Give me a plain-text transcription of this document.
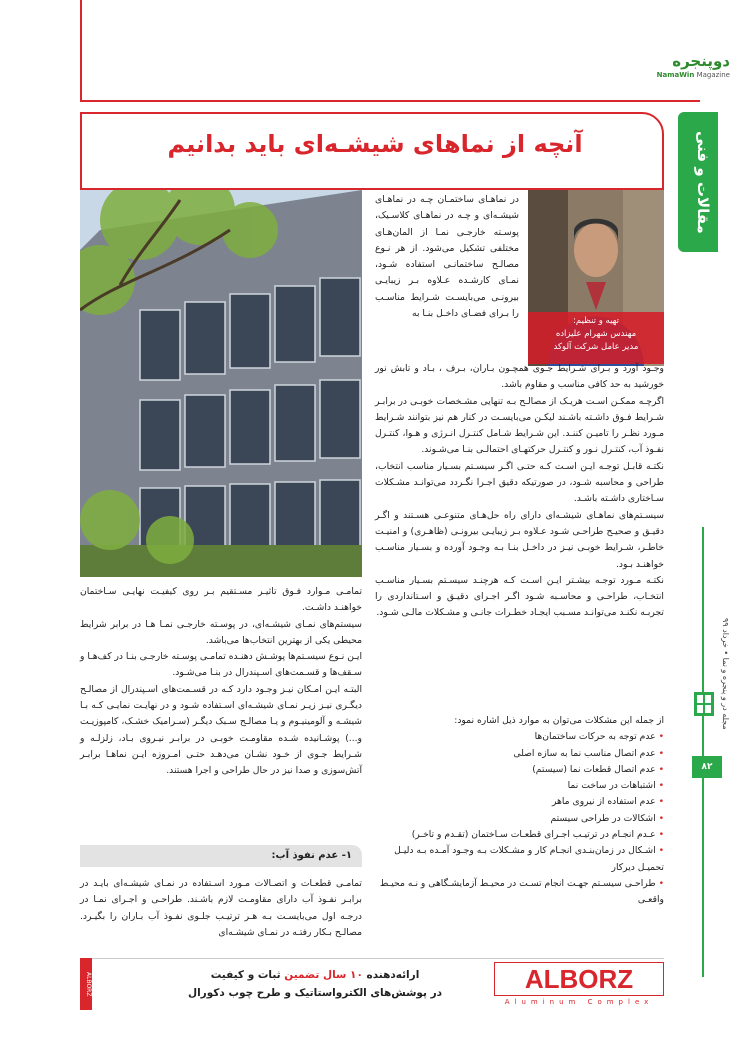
دوپنجره
NamaWin Magazine
آنچه از نماهای شیشـه‌ای باید بدانیم	مقالات و فنی
تهیه و تنظیم:
مهندس شهرام علیزاده
مدیر عامل شرکت آلوکد
در نماهـای ساختمـان چـه در نماهـای شیشـه‌ای و چـه در نماهـای کلاسـیک، پوسـته خارجـی نمـا از المان‌هـای مختلفی تشکیل می‌شود. از هر نـوع مصالـح ساختمانـی استفاده شـود، نمـای کارشـده عـلاوه بـر زیبایـی بیرونـی می‌بایسـت شـرایط مناسـب را بـرای فضـای داخـل بنـا به
وجـود آورد و بـرای شـرایط جـوی همچـون بـاران، بـرف ، بـاد و تابش نور خورشید به حد کافی مناسب و مقاوم باشد.
اگرچـه ممکـن اسـت هریـک از مصالـح بـه تنهایی مشـخصات خوبـی در برابـر شـرایط فـوق داشـته باشـند لیکـن می‌بایسـت در کنار هم نیز بتوانند شـرایط مـورد نظـر را تامیـن کننـد. این شـرایط شـامل کنتـرل انـرژی و هـوا، کنتـرل نفـوذ آب، کنتـرل نـور و کنتـرل حرکتهـای احتمالـی بنـا می‌شـوند.
نکتـه قابـل توجـه ایـن اسـت کـه حتـی اگـر سیسـتم بسـیار مناسب انتخاب، طراحی و محاسبه شـود، در صورتیکه دقیق اجـرا نگـردد می‌توانـد مشـکلات سـاختاری داشـته باشـد.
سیسـتم‌های نماهـای شیشـه‌ای دارای راه حل‌هـای متنوعـی هسـتند و اگـر دقیـق و صحیـح طراحـی شـود عـلاوه بـر زیبایـی بیرونـی (ظاهـری) و امنیـت خاطـر، شـرایط خوبـی نیـز در داخـل بنـا بـه وجـود آورده و بسـیار مناسـب خواهنـد بـود.
نکتـه مـورد توجـه بیشـتر ایـن اسـت کـه هرچنـد سیسـتم بسـیار مناسـب انتخـاب، طراحـی و محاسـبه شـود اگـر اجـرای دقیـق و اسـتاندارد‌ی را تجربـه نکنـد می‌توانـد مسـبب ایجـاد خطـرات جانـی و مشـکلات مالـی شـود.
از جمله این مشکلات می‌توان به موارد ذیل اشاره نمود:
• عدم توجه به حرکات ساختمان‌ها
• عدم اتصال مناسب نما به سازه اصلی
• عدم اتصال قطعات نما (سیستم)
• اشتباهات در ساخت نما
• عدم استفاده از نیروی ماهر
• اشکالات در طراحی سیستم
• عـدم انجـام در ترتیـب اجـرای قطعـات سـاختمان (تقـدم و تاخـر)
• اشـکال در زمان‌بنـدی انجـام کار و مشـکلات بـه وجـود آمـده بـه دلیـل تحمیـل دیرکار
• طراحـی سیسـتم جهـت انجام تسـت در محیـط آزمایشـگاهی و نـه محیـط واقعـی
تمامـی مـوارد فـوق تاثیـر مسـتقیم بـر روی کیفیـت نهایـی سـاختمان خواهنـد داشـت.
سیستم‌های نمـای شیشـه‌ای، در پوسـته خارجـی نمـا هـا در برابر شرایط محیطی یکی از بهترین انتخاب‌ها می‌باشد.
ایـن نـوع سیسـتم‌ها پوشـش دهنـده تمامـی پوسـته خارجـی بنـا در کف‌هـا و سـقف‌ها و قسـمت‌های اسـپندرال در بنـا می‌شـود.
البتـه ایـن امـکان نیـز وجـود دارد کـه در قسـمت‌های اسـپندرال از مصالـح دیگـری نیـز زیـر نمـای شیشـه‌ای اسـتفاده شـود و در نهایـت نمایـی کـه بـا شیشـه و آلومینیـوم و یـا مصالـح سـبک دیگـر (سـرامیک خشـک، کامپوزیـت و...) پوشـانیده شـده مقاومـت خوبـی در برابـر نیـروی بـاد، زلزلـه و شـرایط جـوی از خـود نشـان می‌دهـد حتـی امـروزه ایـن نماهـا برابـر آتش‌سوزی و صدا نیز در حال طراحی و اجرا هستند.
۱- عدم نفوذ آب:
تمامـی قطعـات و اتصـالات مـورد اسـتفاده در نمـای شیشـه‌ای بایـد در برابـر نفـوذ آب دارای مقاومـت لازم باشـند. طراحـی و اجـرای نمـا در درجـه اول می‌بایسـت بـه هـر ترتیـب جلـوی نفـوذ آب بـاران را بگیـرد. مصالـح بـکار رفتـه در نمـای شیشـه‌ای
مجله در و پنجره و نما • خرداد ۹۹
۸۲
ALBORZ	ALBORZ
Aluminum Complex
ارائه‌دهنده ۱۰ سال تضمین ثبات و کیفیت
در پوشش‌های الکترواستاتیک و طرح چوب دکورال
